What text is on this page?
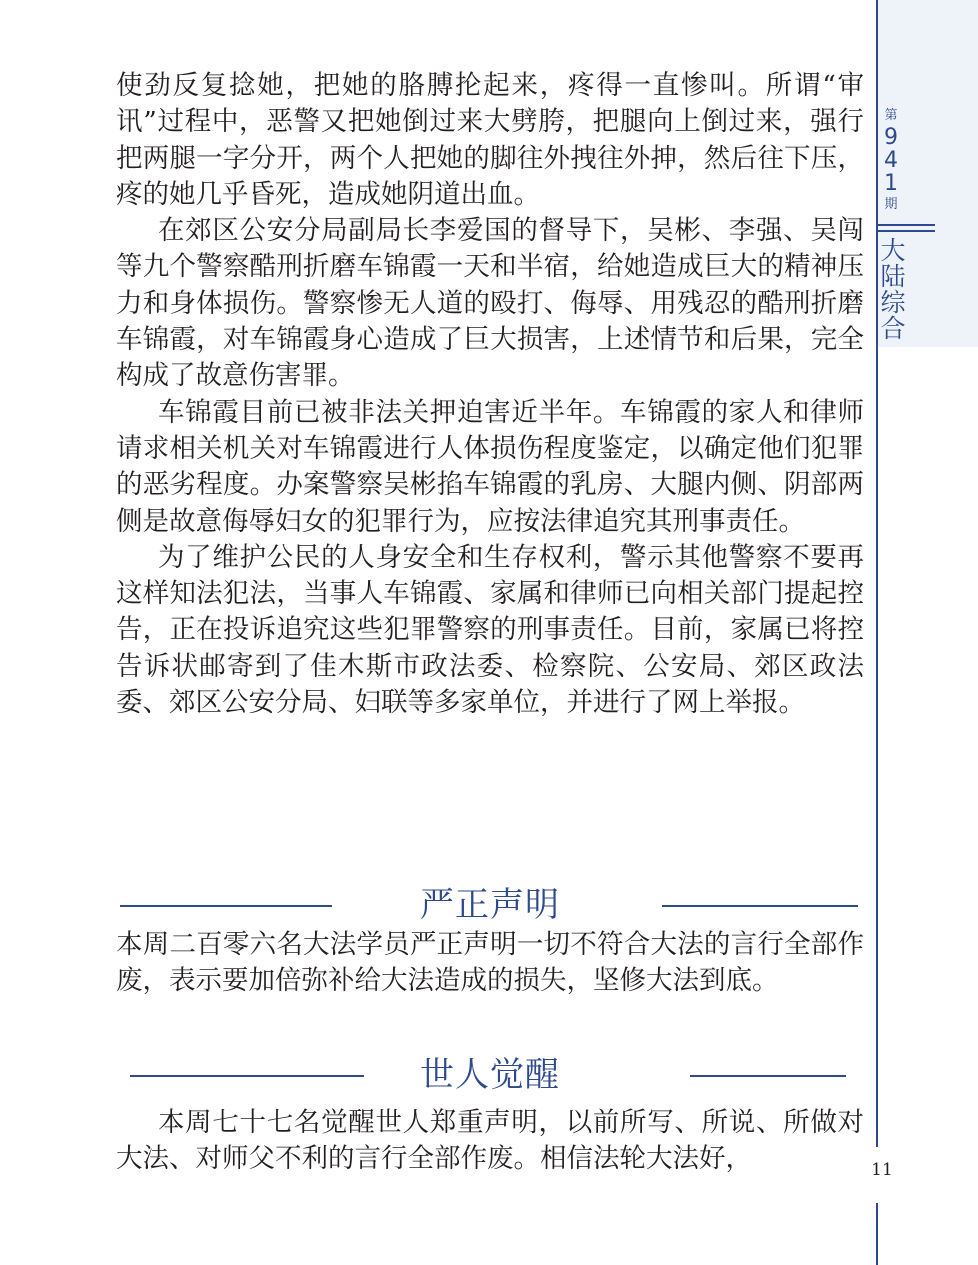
第
9
4
1
期
大
陆
综
合
11

使劲反复捻她，把她的胳膊抡起来，疼得一直惨叫。所谓“审讯”过程中，恶警又把她倒过来大劈胯，把腿向上倒过来，强行把两腿一字分开，两个人把她的脚往外拽往外抻，然后往下压，疼的她几乎昏死，造成她阴道出血。

在郊区公安分局副局长李爱国的督导下，吴彬、李强、吴闯等九个警察酷刑折磨车锦霞一天和半宿，给她造成巨大的精神压力和身体损伤。警察惨无人道的殴打、侮辱、用残忍的酷刑折磨车锦霞，对车锦霞身心造成了巨大损害，上述情节和后果，完全构成了故意伤害罪。

车锦霞目前已被非法关押迫害近半年。车锦霞的家人和律师请求相关机关对车锦霞进行人体损伤程度鉴定，以确定他们犯罪的恶劣程度。办案警察吴彬掐车锦霞的乳房、大腿内侧、阴部两侧是故意侮辱妇女的犯罪行为，应按法律追究其刑事责任。

为了维护公民的人身安全和生存权利，警示其他警察不要再这样知法犯法，当事人车锦霞、家属和律师已向相关部门提起控告，正在投诉追究这些犯罪警察的刑事责任。目前，家属已将控告诉状邮寄到了佳木斯市政法委、检察院、公安局、郊区政法委、郊区公安分局、妇联等多家单位，并进行了网上举报。

严正声明

本周二百零六名大法学员严正声明一切不符合大法的言行全部作废，表示要加倍弥补给大法造成的损失，坚修大法到底。

世人觉醒

本周七十七名觉醒世人郑重声明，以前所写、所说、所做对大法、对师父不利的言行全部作废。相信法轮大法好，
